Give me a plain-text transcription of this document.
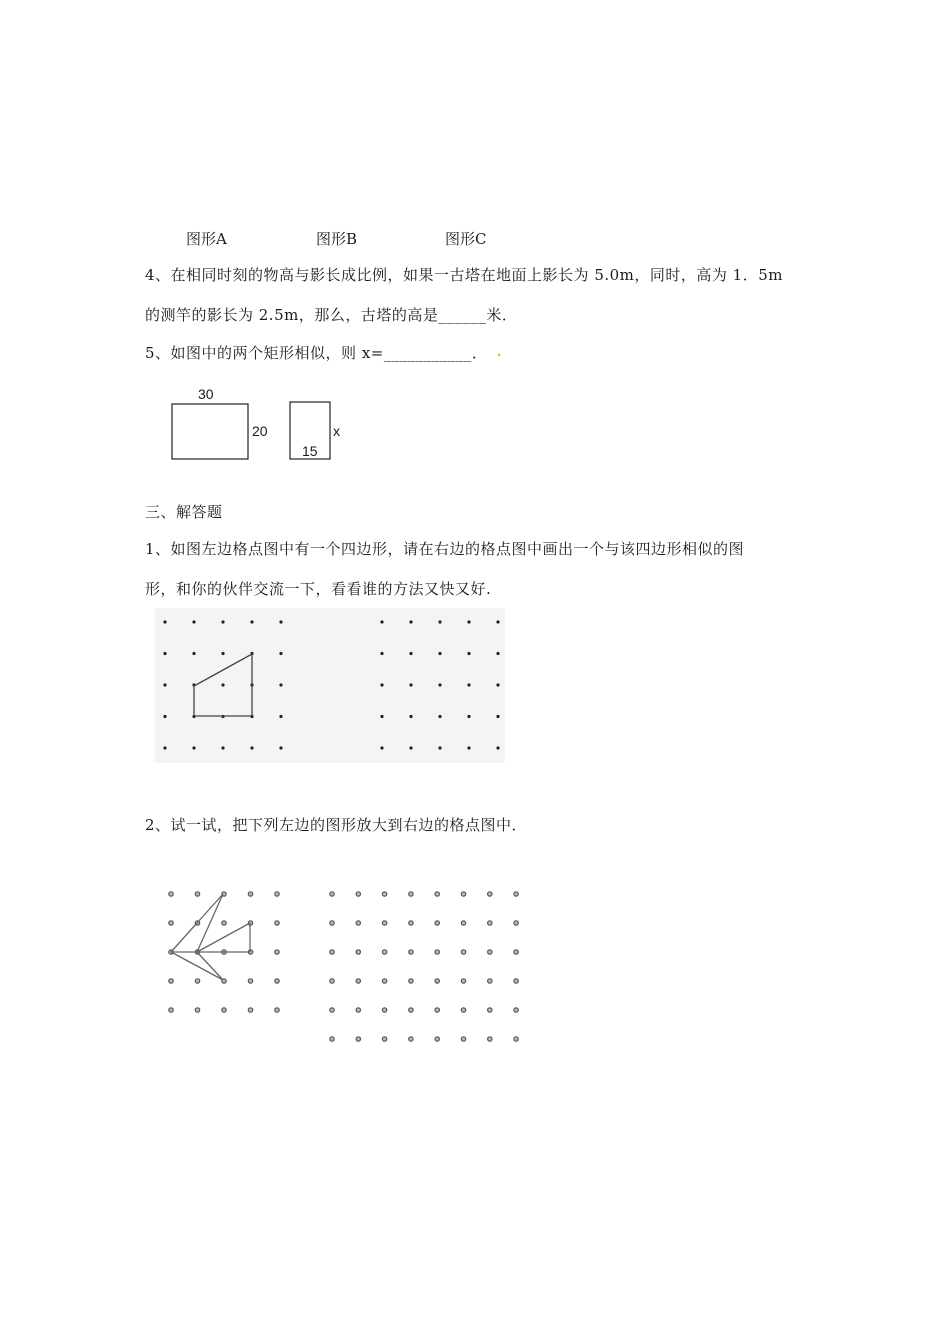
图形A	图形B	图形C
4、在相同时刻的物高与影长成比例，如果一古塔在地面上影长为 5.0m，同时，高为 1．5m
的测竿的影长为 2.5m，那么，古塔的高是______米．
5、如图中的两个矩形相似，则 x=___________． .
30
20
15
x
三、解答题
1、如图左边格点图中有一个四边形，请在右边的格点图中画出一个与该四边形相似的图
形，和你的伙伴交流一下，看看谁的方法又快又好.
2、试一试，把下列左边的图形放大到右边的格点图中．
